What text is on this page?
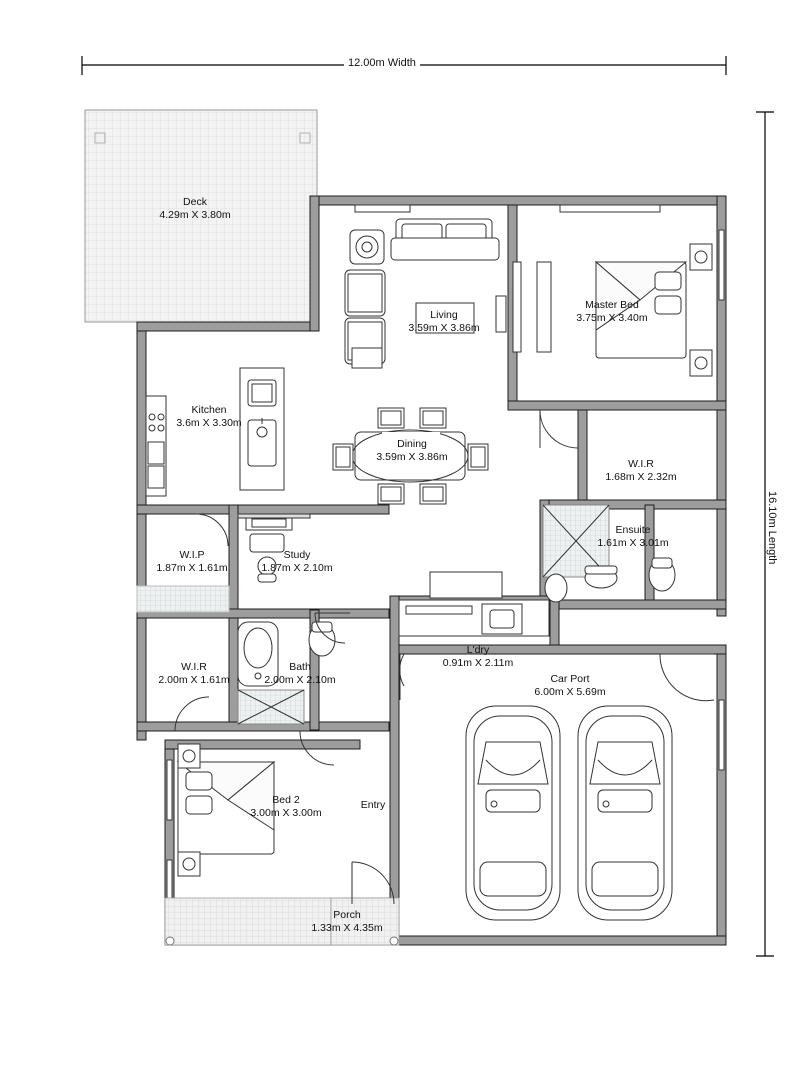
12.00m Width
16.10m Length
Deck
4.29m X 3.80m
Living
3.59m X 3.86m
Master Bed
3.75m X 3.40m
Kitchen
3.6m X 3.30m
Dining
3.59m X 3.86m
W.I.R
1.68m X 2.32m
Ensuite
1.61m X 3.01m
W.I.P
1.87m X 1.61m
Study
1.87m X 2.10m
W.I.R
2.00m X 1.61m
Bath
2.00m X 2.10m
L'dry
0.91m X 2.11m
Car Port
6.00m X 5.69m
Bed 2
3.00m X 3.00m
Porch
1.33m X 4.35m
Entry
